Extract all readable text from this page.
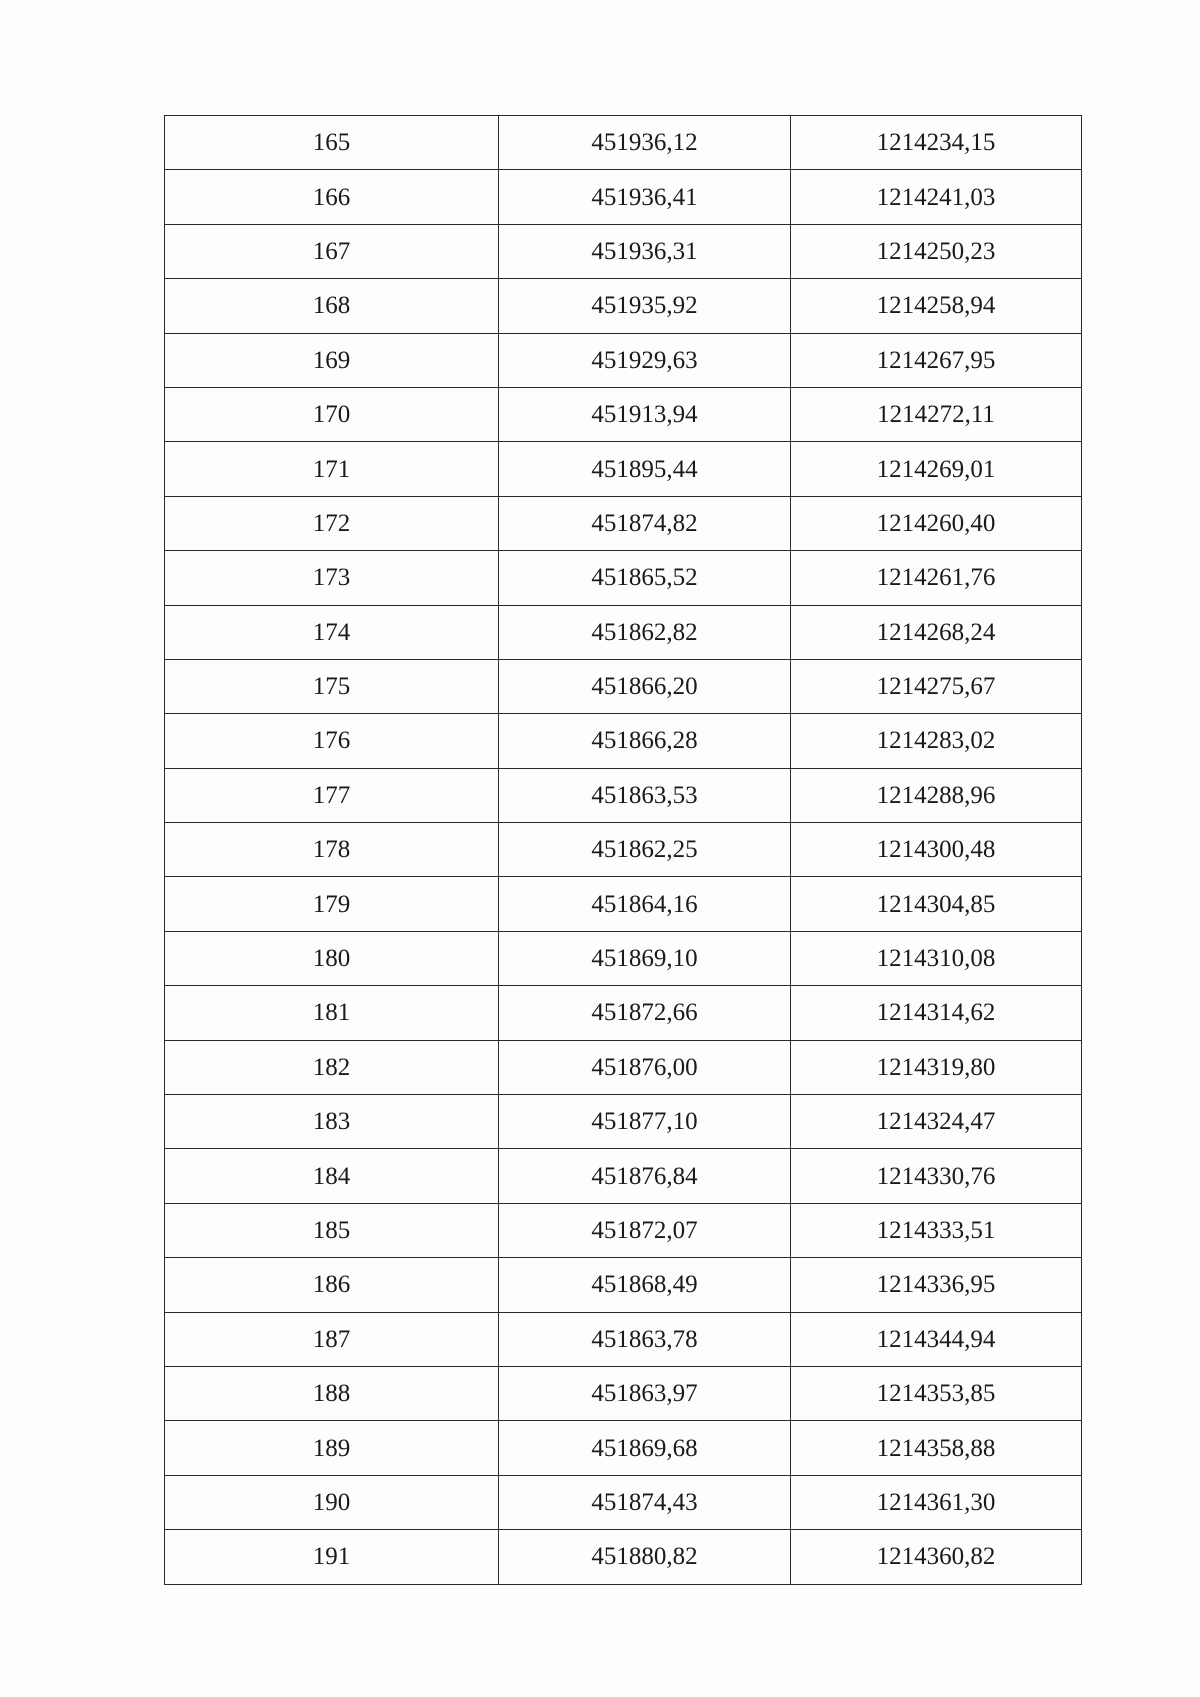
165	451936,12	1214234,15
166	451936,41	1214241,03
167	451936,31	1214250,23
168	451935,92	1214258,94
169	451929,63	1214267,95
170	451913,94	1214272,11
171	451895,44	1214269,01
172	451874,82	1214260,40
173	451865,52	1214261,76
174	451862,82	1214268,24
175	451866,20	1214275,67
176	451866,28	1214283,02
177	451863,53	1214288,96
178	451862,25	1214300,48
179	451864,16	1214304,85
180	451869,10	1214310,08
181	451872,66	1214314,62
182	451876,00	1214319,80
183	451877,10	1214324,47
184	451876,84	1214330,76
185	451872,07	1214333,51
186	451868,49	1214336,95
187	451863,78	1214344,94
188	451863,97	1214353,85
189	451869,68	1214358,88
190	451874,43	1214361,30
191	451880,82	1214360,82
